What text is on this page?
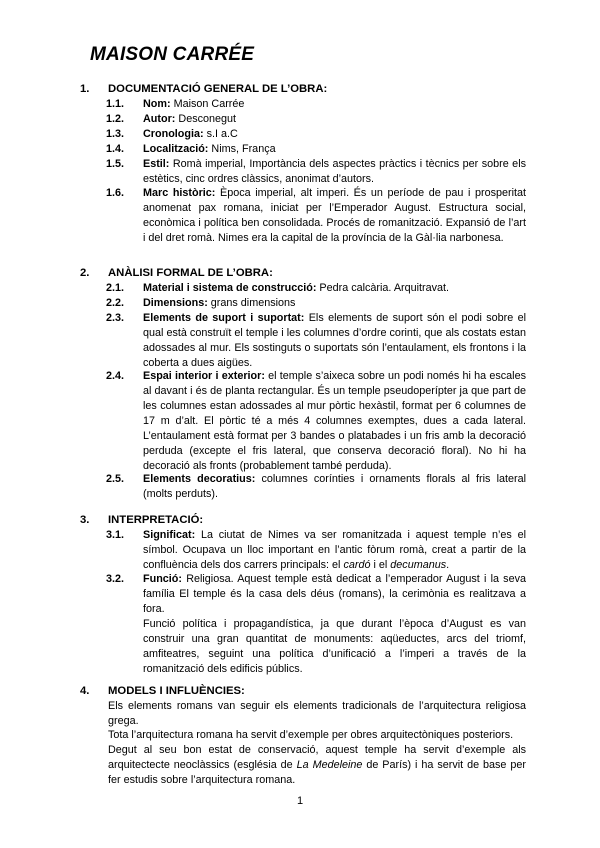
MAISON CARRÉE
1. DOCUMENTACIÓ GENERAL DE L’OBRA:
1.1. Nom: Maison Carrée
1.2. Autor: Desconegut
1.3. Cronologia: s.I a.C
1.4. Localització: Nims, França
1.5. Estil: Romà imperial, Importància dels aspectes pràctics i tècnics per sobre els estètics, cinc ordres clàssics, anonimat d’autors.
1.6. Marc històric: Època imperial, alt imperi. És un període de pau i prosperitat anomenat pax romana, iniciat per l’Emperador August. Estructura social, econòmica i política ben consolidada. Procés de romanització. Expansió de l’art i del dret romà. Nimes era la capital de la província de la Gàl·lia narbonesa.
2. ANÀLISI FORMAL DE L’OBRA:
2.1. Material i sistema de construcció: Pedra calcària. Arquitravat.
2.2. Dimensions: grans dimensions
2.3. Elements de suport i suportat: Els elements de suport són el podi sobre el qual està construït el temple i les columnes d’ordre corinti, que als costats estan adossades al mur. Els sostinguts o suportats són l’entaulament, els frontons i la coberta a dues aigües.
2.4. Espai interior i exterior: el temple s’aixeca sobre un podi només hi ha escales al davant i és de planta rectangular. És un temple pseudoperípter ja que part de les columnes estan adossades al mur pòrtic hexàstil, format per 6 columnes de 17 m d’alt. El pòrtic té a més 4 columnes exemptes, dues a cada lateral. L’entaulament està format per 3 bandes o platabades i un fris amb la decoració perduda (excepte el fris lateral, que conserva decoració floral). No hi ha decoració als fronts (probablement també perduda).
2.5. Elements decoratius: columnes corínties i ornaments florals al fris lateral (molts perduts).
3. INTERPRETACIÓ:
3.1. Significat: La ciutat de Nimes va ser romanitzada i aquest temple n’es el símbol. Ocupava un lloc important en l’antic fòrum romà, creat a partir de la confluència dels dos carrers principals: el cardó i el decumanus.
3.2. Funció: Religiosa. Aquest temple està dedicat a l’emperador August i la seva família El temple és la casa dels déus (romans), la cerimònia es realitzava a fora.
Funció política i propagandística, ja que durant l’època d’August es van construir una gran quantitat de monuments: aqüeductes, arcs del triomf, amfiteatres, seguint una política d’unificació a l’imperi a través de la romanització dels edificis públics.
4. MODELS I INFLUÈNCIES:
Els elements romans van seguir els elements tradicionals de l’arquitectura religiosa grega.
Tota l’arquitectura romana ha servit d’exemple per obres arquitectòniques posteriors.
Degut al seu bon estat de conservació, aquest temple ha servit d’exemple als arquitectecte neoclàssics (església de La Medeleine de París) i ha servit de base per fer estudis sobre l’arquitectura romana.
1
